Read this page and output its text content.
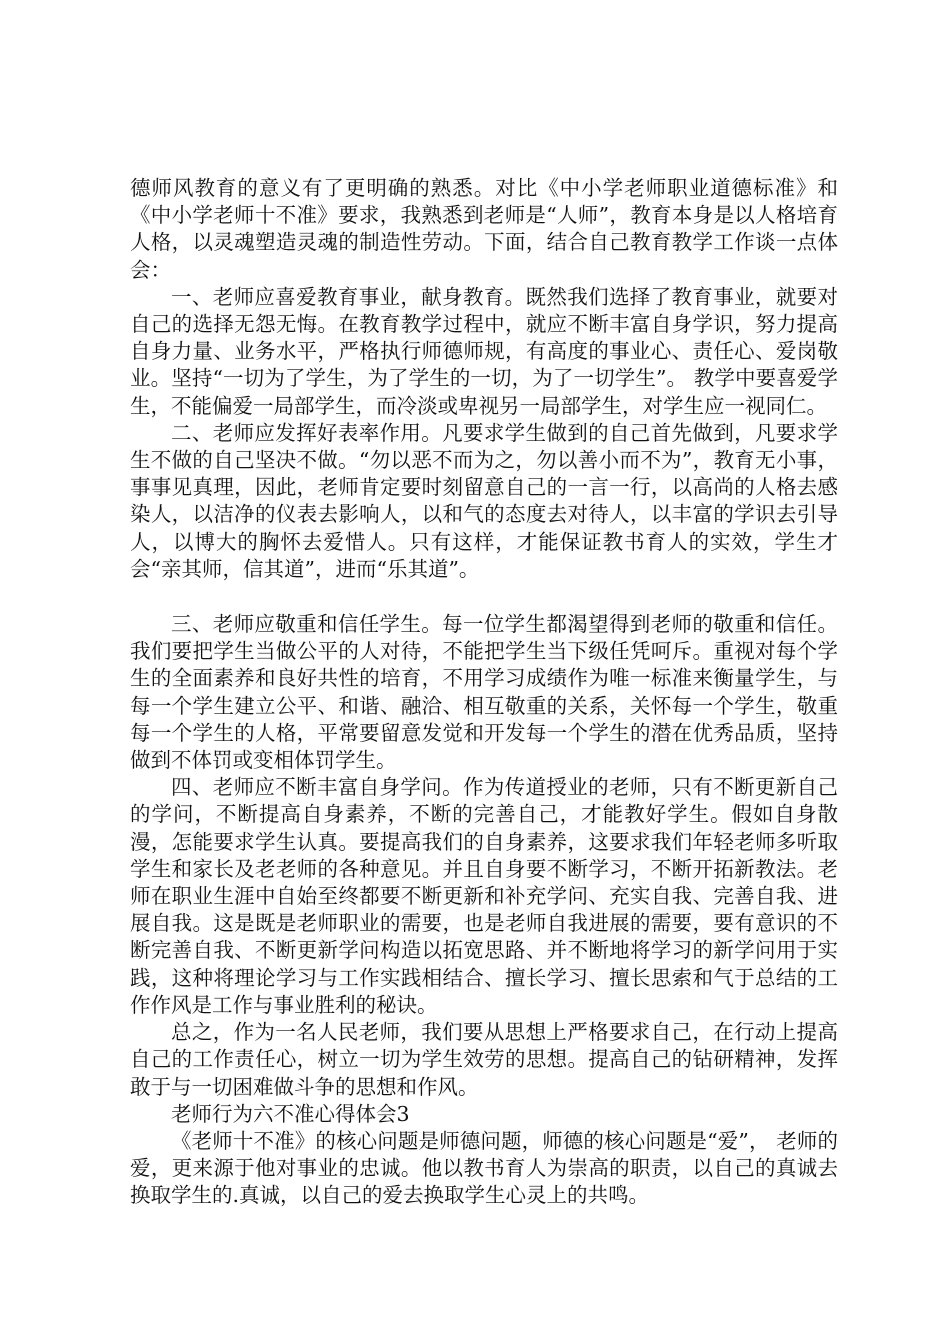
德师风教育的意义有了更明确的熟悉。对比《中小学老师职业道德标准》和《中小学老师十不准》要求，我熟悉到老师是“人师”，教育本身是以人格培育人格，以灵魂塑造灵魂的制造性劳动。下面，结合自己教育教学工作谈一点体会：

一、老师应喜爱教育事业，献身教育。既然我们选择了教育事业，就要对自己的选择无怨无悔。在教育教学过程中，就应不断丰富自身学识，努力提高自身力量、业务水平，严格执行师德师规，有高度的事业心、责任心、爱岗敬业。坚持“一切为了学生，为了学生的一切，为了一切学生”。 教学中要喜爱学生，不能偏爱一局部学生，而冷淡或卑视另一局部学生，对学生应一视同仁。

二、老师应发挥好表率作用。凡要求学生做到的自己首先做到，凡要求学生不做的自己坚决不做。“勿以恶不而为之，勿以善小而不为”，教育无小事，事事见真理，因此，老师肯定要时刻留意自己的一言一行，以高尚的人格去感染人，以洁净的仪表去影响人，以和气的态度去对待人，以丰富的学识去引导人，以博大的胸怀去爱惜人。只有这样，才能保证教书育人的实效，学生才会“亲其师，信其道”，进而“乐其道”。

三、老师应敬重和信任学生。每一位学生都渴望得到老师的敬重和信任。我们要把学生当做公平的人对待，不能把学生当下级任凭呵斥。重视对每个学生的全面素养和良好共性的培育，不用学习成绩作为唯一标准来衡量学生，与每一个学生建立公平、和谐、融洽、相互敬重的关系，关怀每一个学生，敬重每一个学生的人格，平常要留意发觉和开发每一个学生的潜在优秀品质，坚持做到不体罚或变相体罚学生。

四、老师应不断丰富自身学问。作为传道授业的老师，只有不断更新自己的学问，不断提高自身素养，不断的完善自己，才能教好学生。假如自身散漫，怎能要求学生认真。要提高我们的自身素养，这要求我们年轻老师多听取学生和家长及老老师的各种意见。并且自身要不断学习，不断开拓新教法。老师在职业生涯中自始至终都要不断更新和补充学问、充实自我、完善自我、进展自我。这是既是老师职业的需要，也是老师自我进展的需要，要有意识的不断完善自我、不断更新学问构造以拓宽思路、并不断地将学习的新学问用于实践，这种将理论学习与工作实践相结合、擅长学习、擅长思索和气于总结的工作作风是工作与事业胜利的秘诀。

总之，作为一名人民老师，我们要从思想上严格要求自己，在行动上提高自己的工作责任心，树立一切为学生效劳的思想。提高自己的钻研精神，发挥敢于与一切困难做斗争的思想和作风。

老师行为六不准心得体会3

《老师十不准》的核心问题是师德问题，师德的核心问题是“爱”， 老师的爱，更来源于他对事业的忠诚。他以教书育人为崇高的职责，以自己的真诚去换取学生的.真诚，以自己的爱去换取学生心灵上的共鸣。
